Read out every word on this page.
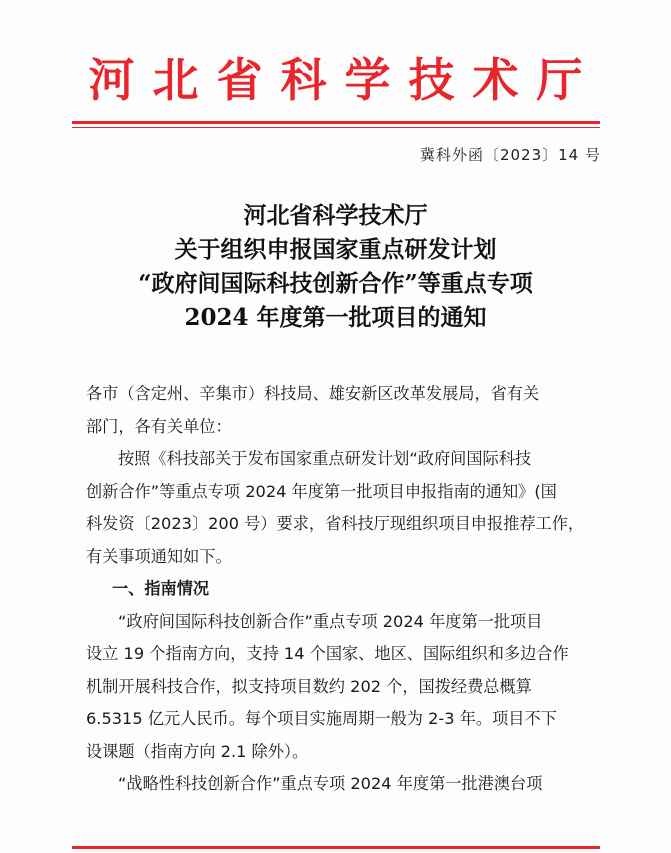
河北省科学技术厅
冀科外函〔2023〕14 号
河北省科学技术厅
关于组织申报国家重点研发计划
“政府间国际科技创新合作”等重点专项
2024 年度第一批项目的通知

各市（含定州、辛集市）科技局、雄安新区改革发展局，省有关
部门，各有关单位：

按照《科技部关于发布国家重点研发计划“政府间国际科技
创新合作”等重点专项 2024 年度第一批项目申报指南的通知》(国
科发资〔2023〕200 号）要求，省科技厅现组织项目申报推荐工作，
有关事项通知如下。

一、指南情况

“政府间国际科技创新合作”重点专项 2024 年度第一批项目
设立 19 个指南方向，支持 14 个国家、地区、国际组织和多边合作
机制开展科技合作，拟支持项目数约 202 个，国拨经费总概算
6.5315 亿元人民币。每个项目实施周期一般为 2-3 年。项目不下
设课题（指南方向 2.1 除外）。

“战略性科技创新合作”重点专项 2024 年度第一批港澳台项
